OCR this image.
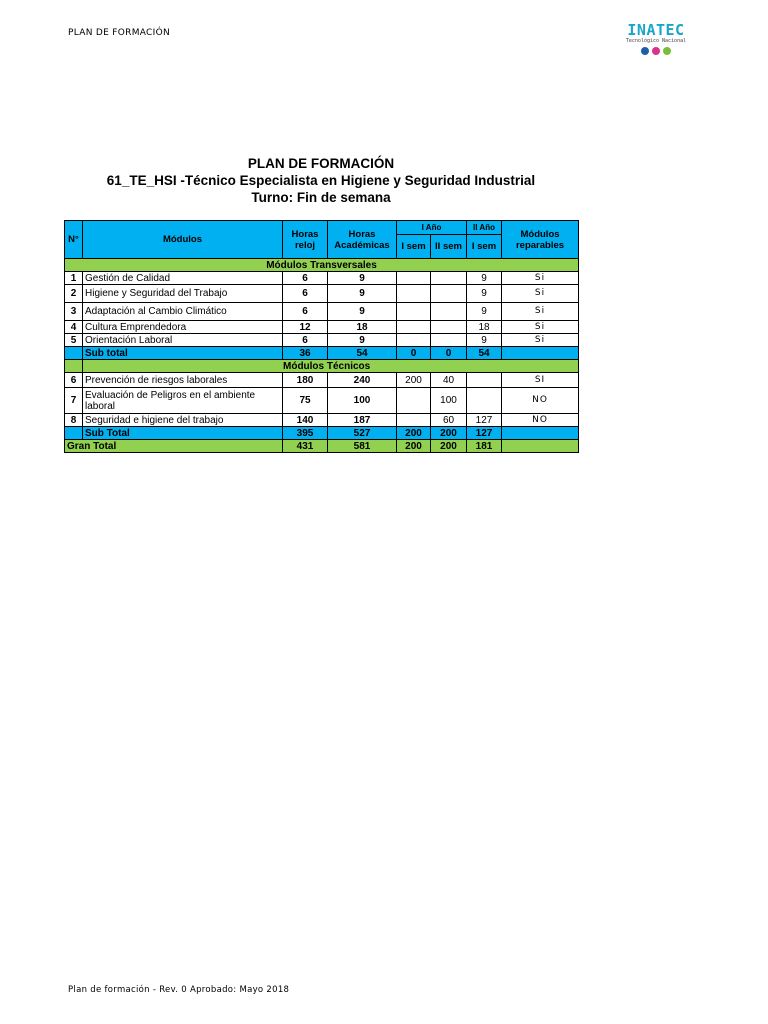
PLAN DE FORMACIÓN	INATEC
Tecnológico Nacional
PLAN DE FORMACIÓN
61_TE_HSI -Técnico Especialista en Higiene y Seguridad Industrial
Turno: Fin de semana
N°	Módulos	Horas reloj	Horas Académicas	I Año		II Año	Módulos reparables
				I sem	II sem	I sem	
Módulos Transversales							
1	Gestión de Calidad	6	9			9	Si
2	Higiene y Seguridad del Trabajo	6	9			9	Si
3	Adaptación al Cambio Climático	6	9			9	Si
4	Cultura Emprendedora	12	18			18	Si
5	Orientación Laboral	6	9			9	Si
	Sub total	36	54	0	0	54	
	Módulos Técnicos						
6	Prevención de riesgos laborales	180	240	200	40		SI
7	Evaluación de Peligros en el ambiente laboral	75	100		100		NO
8	Seguridad e higiene del trabajo	140	187		60	127	NO
	Sub Total	395	527	200	200	127	
Gran Total		431	581	200	200	181	
Plan de formación - Rev. 0 Aprobado: Mayo 2018
